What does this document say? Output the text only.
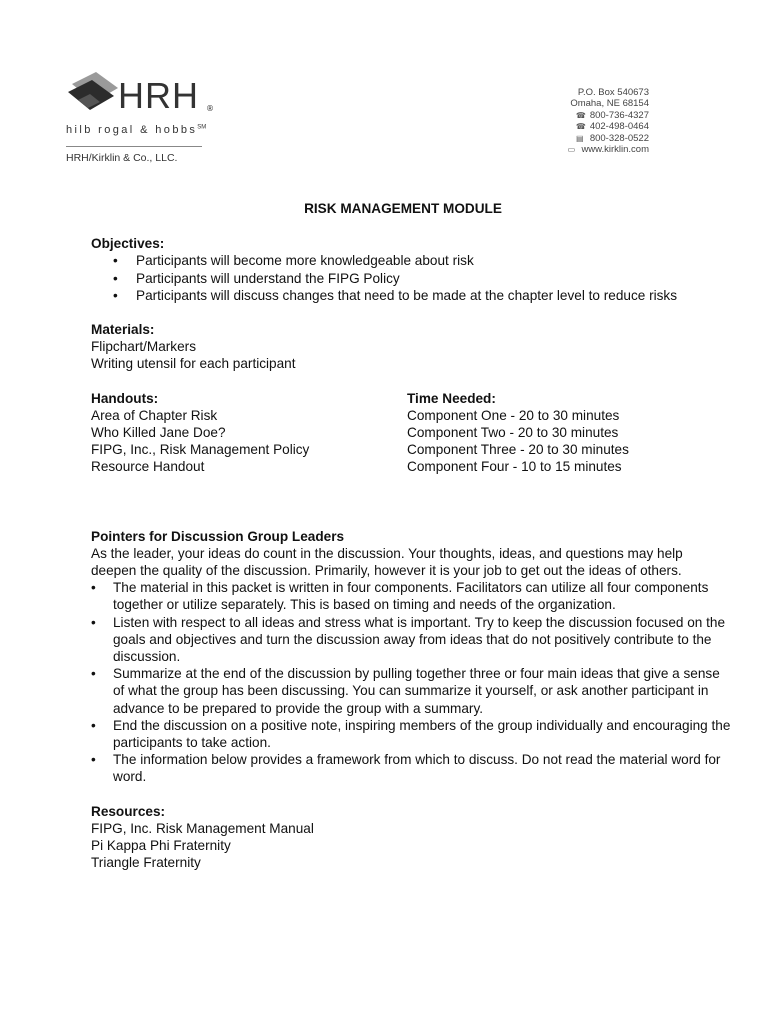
HRH ®
hilb rogal & hobbs℠
HRH/Kirklin & Co., LLC.
P.O. Box 540673
Omaha, NE 68154
☎ 800-736-4327
☎ 402-498-0464
▤ 800-328-0522
▭ www.kirklin.com
RISK MANAGEMENT MODULE
Objectives:
• Participants will become more knowledgeable about risk
• Participants will understand the FIPG Policy
• Participants will discuss changes that need to be made at the chapter level to reduce risks
Materials:
Flipchart/Markers
Writing utensil for each participant
Handouts:
Area of Chapter Risk
Who Killed Jane Doe?
FIPG, Inc., Risk Management Policy
Resource Handout
Time Needed:
Component One - 20 to 30 minutes
Component Two - 20 to 30 minutes
Component Three - 20 to 30 minutes
Component Four - 10 to 15 minutes
Pointers for Discussion Group Leaders
As the leader, your ideas do count in the discussion. Your thoughts, ideas, and questions may help deepen the quality of the discussion. Primarily, however it is your job to get out the ideas of others.
• The material in this packet is written in four components. Facilitators can utilize all four components together or utilize separately. This is based on timing and needs of the organization.
• Listen with respect to all ideas and stress what is important. Try to keep the discussion focused on the goals and objectives and turn the discussion away from ideas that do not positively contribute to the discussion.
• Summarize at the end of the discussion by pulling together three or four main ideas that give a sense of what the group has been discussing. You can summarize it yourself, or ask another participant in advance to be prepared to provide the group with a summary.
• End the discussion on a positive note, inspiring members of the group individually and encouraging the participants to take action.
• The information below provides a framework from which to discuss. Do not read the material word for word.
Resources:
FIPG, Inc. Risk Management Manual
Pi Kappa Phi Fraternity
Triangle Fraternity
